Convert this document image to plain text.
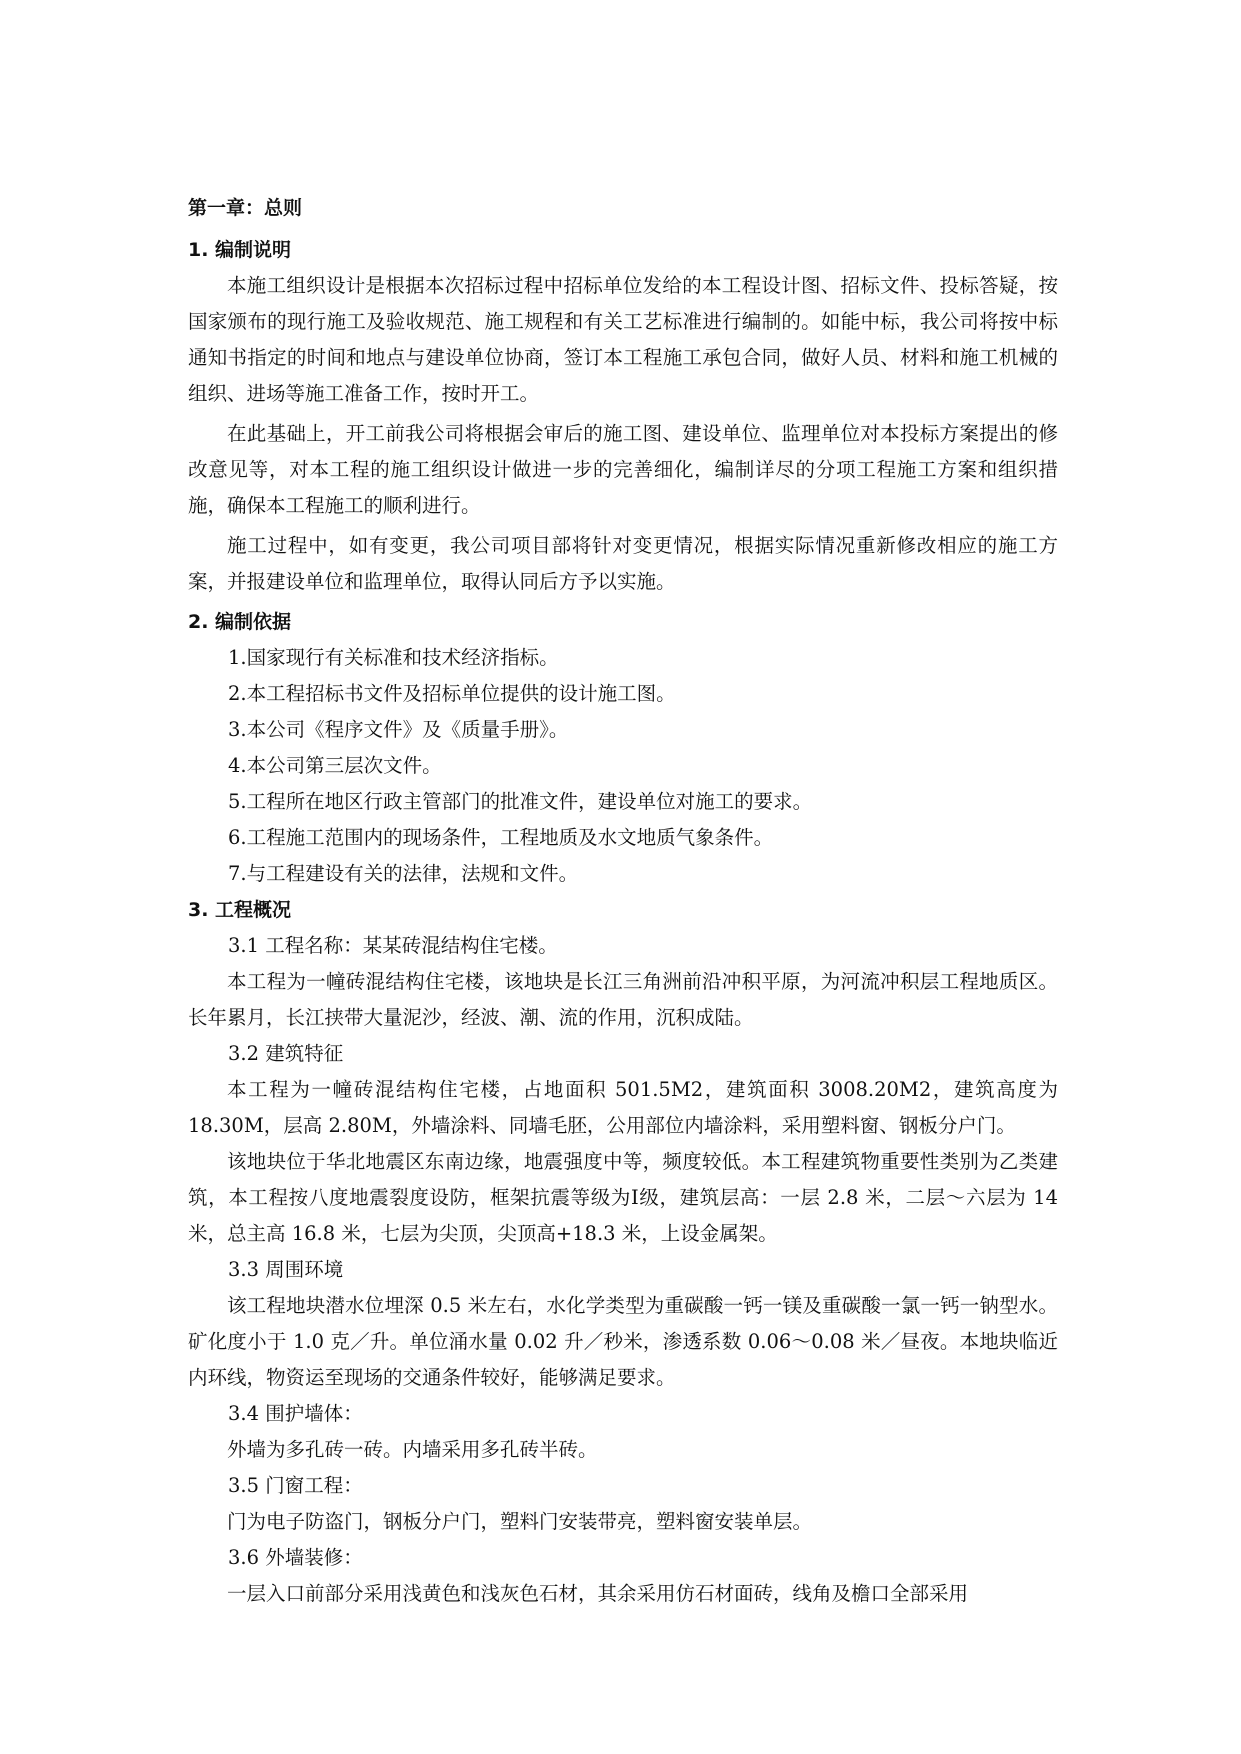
第一章：总则
1. 编制说明

本施工组织设计是根据本次招标过程中招标单位发给的本工程设计图、招标文件、投标答疑，按国家颁布的现行施工及验收规范、施工规程和有关工艺标准进行编制的。如能中标，我公司将按中标通知书指定的时间和地点与建设单位协商，签订本工程施工承包合同，做好人员、材料和施工机械的组织、进场等施工准备工作，按时开工。

在此基础上，开工前我公司将根据会审后的施工图、建设单位、监理单位对本投标方案提出的修改意见等，对本工程的施工组织设计做进一步的完善细化，编制详尽的分项工程施工方案和组织措施，确保本工程施工的顺利进行。

施工过程中，如有变更，我公司项目部将针对变更情况，根据实际情况重新修改相应的施工方案，并报建设单位和监理单位，取得认同后方予以实施。

2. 编制依据
1.国家现行有关标准和技术经济指标。
2.本工程招标书文件及招标单位提供的设计施工图。
3.本公司《程序文件》及《质量手册》。
4.本公司第三层次文件。
5.工程所在地区行政主管部门的批准文件，建设单位对施工的要求。
6.工程施工范围内的现场条件，工程地质及水文地质气象条件。
7.与工程建设有关的法律，法规和文件。
3. 工程概况
3.1 工程名称：某某砖混结构住宅楼。

本工程为一幢砖混结构住宅楼，该地块是长江三角洲前沿冲积平原，为河流冲积层工程地质区。长年累月，长江挟带大量泥沙，经波、潮、流的作用，沉积成陆。

3.2 建筑特征

本工程为一幢砖混结构住宅楼，占地面积 501.5M2，建筑面积 3008.20M2，建筑高度为 18.30M，层高 2.80M，外墙涂料、同墙毛胚，公用部位内墙涂料，采用塑料窗、钢板分户门。

该地块位于华北地震区东南边缘，地震强度中等，频度较低。本工程建筑物重要性类别为乙类建筑，本工程按八度地震裂度设防，框架抗震等级为Ⅰ级，建筑层高：一层 2.8 米，二层～六层为 14 米，总主高 16.8 米，七层为尖顶，尖顶高+18.3 米，上设金属架。

3.3 周围环境

该工程地块潜水位埋深 0.5 米左右，水化学类型为重碳酸一钙一镁及重碳酸一氯一钙一钠型水。矿化度小于 1.0 克／升。单位涌水量 0.02 升／秒米，渗透系数 0.06～0.08 米／昼夜。本地块临近内环线，物资运至现场的交通条件较好，能够满足要求。

3.4 围护墙体：

外墙为多孔砖一砖。内墙采用多孔砖半砖。

3.5 门窗工程：

门为电子防盗门，钢板分户门，塑料门安装带亮，塑料窗安装单层。

3.6 外墙装修：

一层入口前部分采用浅黄色和浅灰色石材，其余采用仿石材面砖，线角及檐口全部采用
